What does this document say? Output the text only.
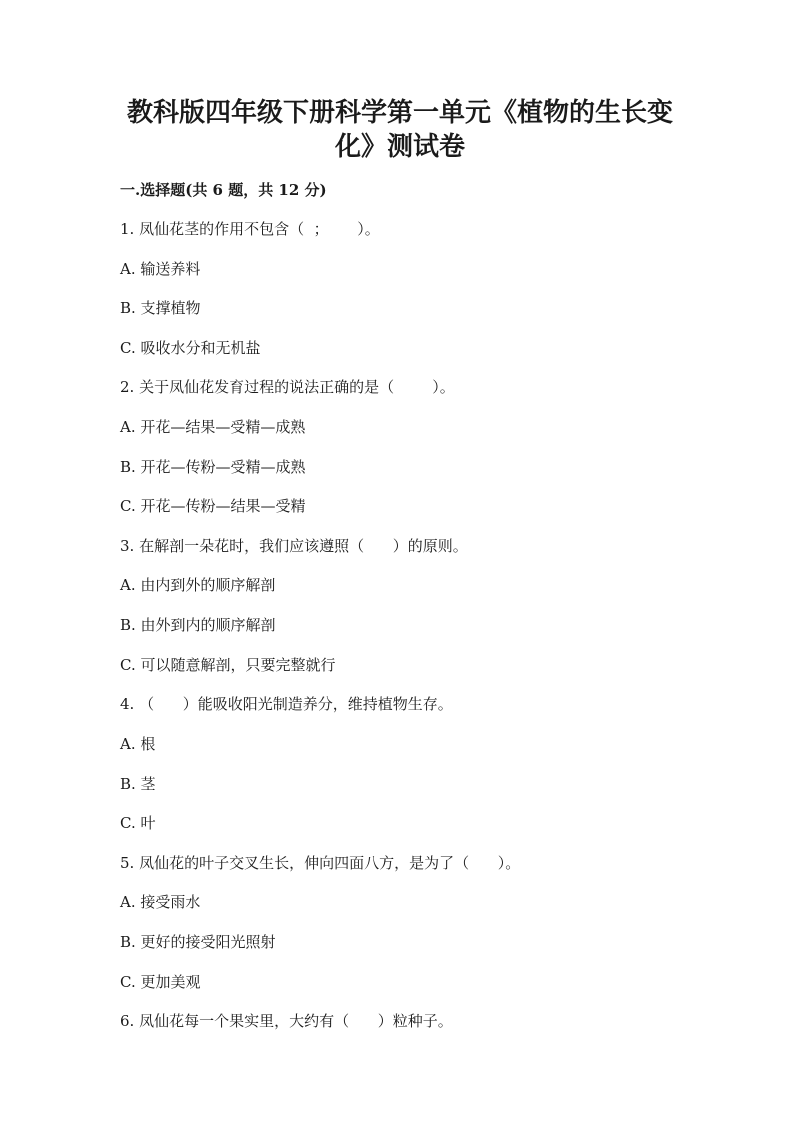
教科版四年级下册科学第一单元《植物的生长变
化》测试卷
一.选择题(共 6 题，共 12 分)
1. 凤仙花茎的作用不包含（  ；      ）。
A. 输送养料
B. 支撑植物
C. 吸收水分和无机盐
2. 关于凤仙花发育过程的说法正确的是（        ）。
A. 开花—结果—受精—成熟
B. 开花—传粉—受精—成熟
C. 开花—传粉—结果—受精
3. 在解剖一朵花时，我们应该遵照（      ）的原则。
A. 由内到外的顺序解剖
B. 由外到内的顺序解剖
C. 可以随意解剖，只要完整就行
4. （      ）能吸收阳光制造养分，维持植物生存。
A. 根
B. 茎
C. 叶
5. 凤仙花的叶子交叉生长，伸向四面八方，是为了（      ）。
A. 接受雨水
B. 更好的接受阳光照射
C. 更加美观
6. 凤仙花每一个果实里，大约有（      ）粒种子。
